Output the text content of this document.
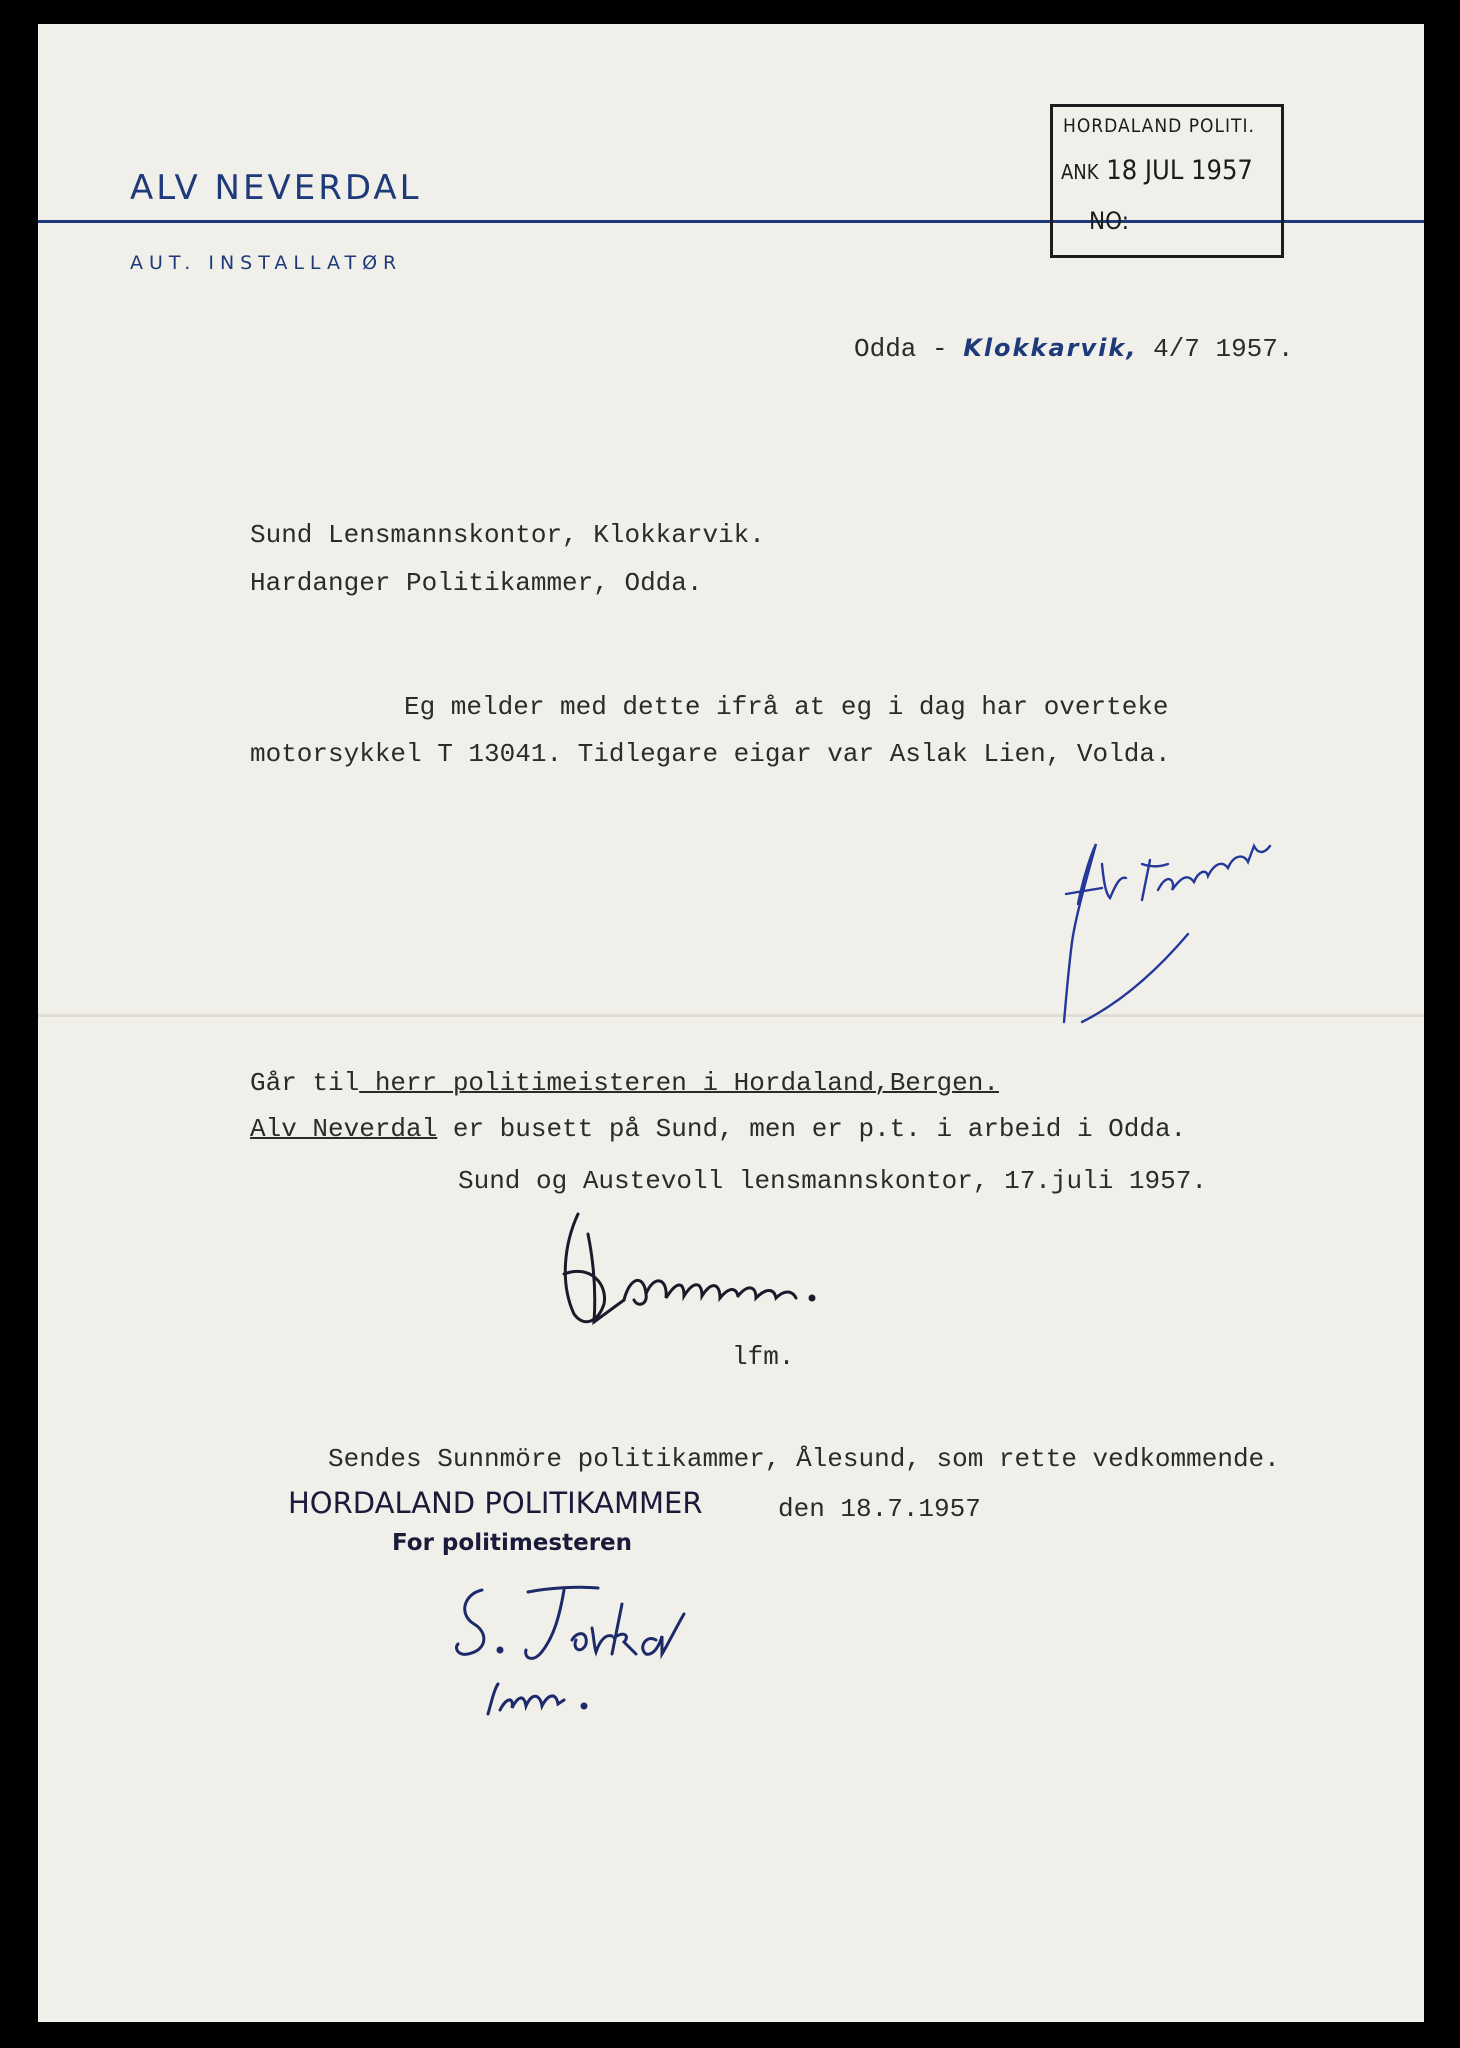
ALV NEVERDAL
AUT. INSTALLATØR
HORDALAND POLITI.
ANK 18 JUL 1957
NO:
Odda - Klokkarvik, 4/7 1957.
Sund Lensmannskontor, Klokkarvik.
Hardanger Politikammer, Odda.
Eg melder med dette ifrå at eg i dag har overteke
motorsykkel T 13041. Tidlegare eigar var Aslak Lien, Volda.
Går til herr politimeisteren i Hordaland,Bergen.
Alv Neverdal er busett på Sund, men er p.t. i arbeid i Odda.
Sund og Austevoll lensmannskontor, 17.juli 1957.
lfm.
Sendes Sunnmöre politikammer, Ålesund, som rette vedkommende.
HORDALAND POLITIKAMMER
For politimesteren
den 18.7.1957
